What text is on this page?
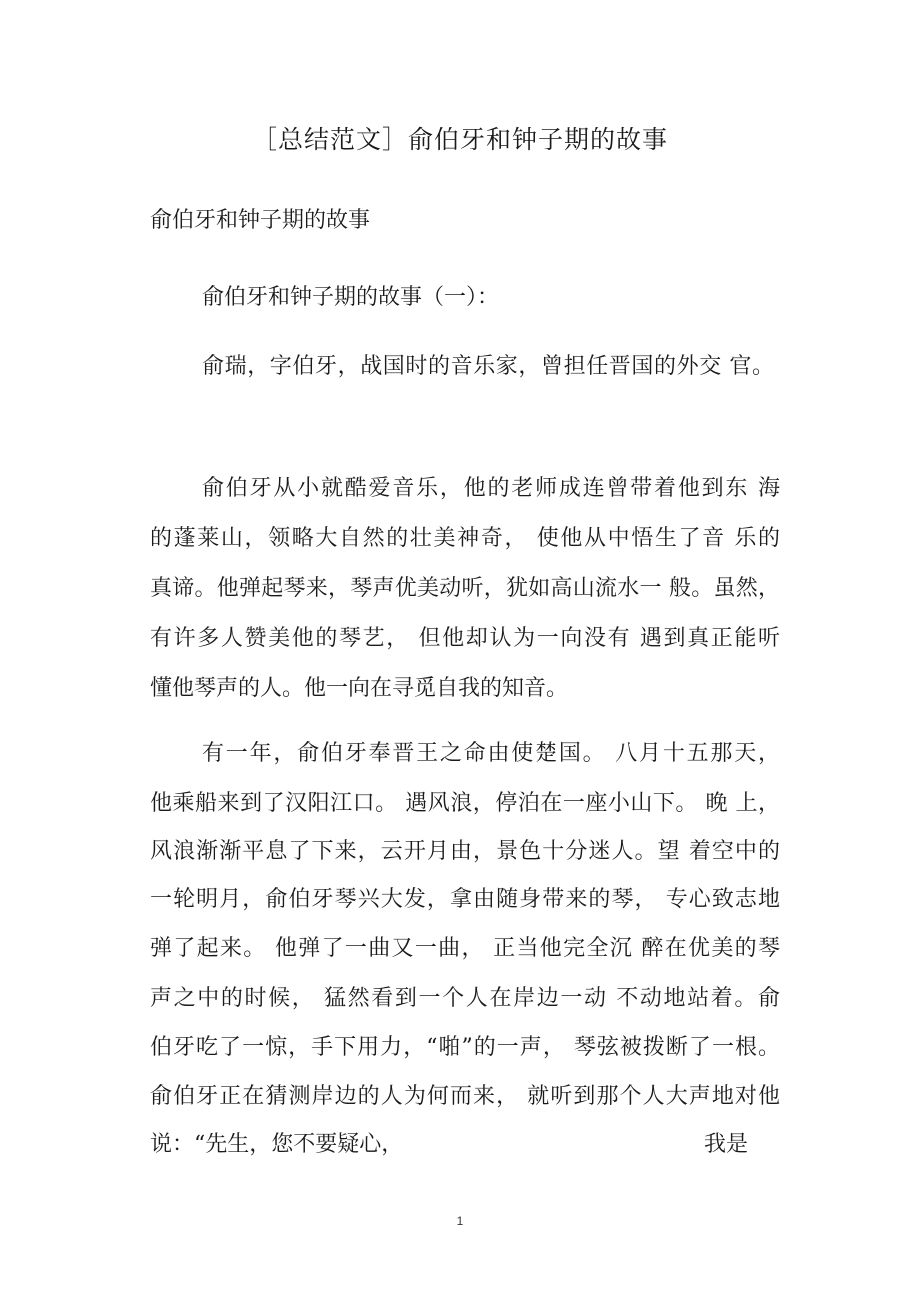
［总结范文］俞伯牙和钟子期的故事
俞伯牙和钟子期的故事
俞伯牙和钟子期的故事（一）：
俞瑞，字伯牙，战国时的音乐家，曾担任晋国的外交 官。
俞伯牙从小就酷爱音乐，他的老师成连曾带着他到东 海
的蓬莱山，领略大自然的壮美神奇， 使他从中悟生了音 乐的
真谛。他弹起琴来，琴声优美动听，犹如高山流水一 般。虽然，
有许多人赞美他的琴艺， 但他却认为一向没有 遇到真正能听
懂他琴声的人。他一向在寻觅自我的知音。
有一年，俞伯牙奉晋王之命由使楚国。 八月十五那天，
他乘船来到了汉阳江口。 遇风浪，停泊在一座小山下。 晚 上，
风浪渐渐平息了下来，云开月由，景色十分迷人。望 着空中的
一轮明月，俞伯牙琴兴大发，拿由随身带来的琴， 专心致志地
弹了起来。 他弹了一曲又一曲， 正当他完全沉 醉在优美的琴
声之中的时候， 猛然看到一个人在岸边一动 不动地站着。俞
伯牙吃了一惊，手下用力，“啪”的一声， 琴弦被拨断了一根。
俞伯牙正在猜测岸边的人为何而来， 就听到那个人大声地对他
说：“先生，您不要疑心，	我是
1
